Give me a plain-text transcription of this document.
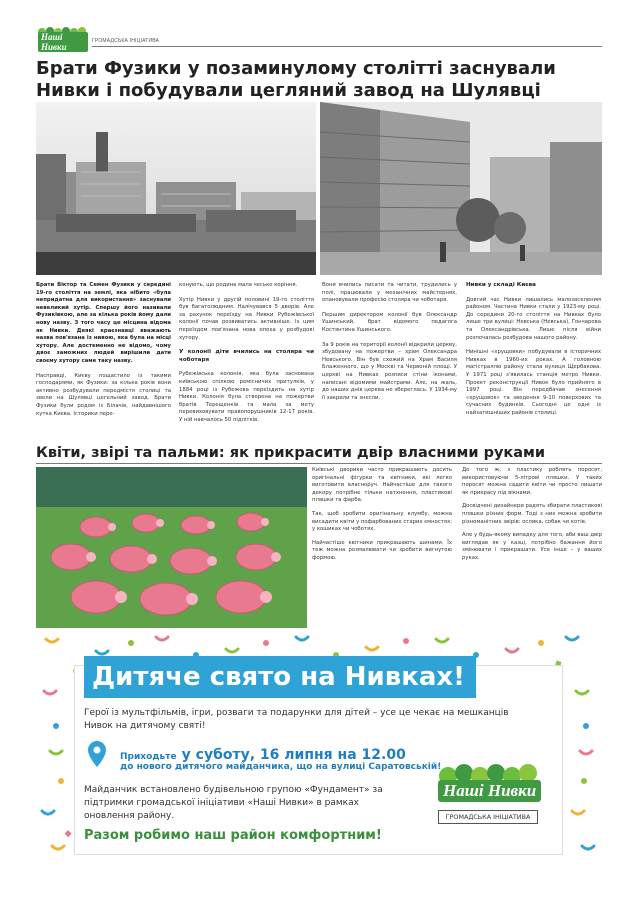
Наші Нивки
ГРОМАДСЬКА ІНІЦІАТИВА
Брати Фузики у позаминулому столітті заснували Нивки і побудували цегляний завод на Шулявці

Брати Віктор та Семен Фузики у середині 19-го століття на землі, яка нібито «була непридатна для використання» заснували невеликий хутір. Спершу його називали Фузиківкою, але за кілька років йому дали нову назву. З того часу це місцина відома як Нивки. Деякі краєзнавці вважають назва пов'язана із нивою, яка була на місці хутору. Але достеменно не відомо, чому двоє заможних людей вирішили дати своєму хутору саме таку назву.

Насправді, Києву пощастило із такими господарями, як Фузики: за кілька років вони активно розбудували передмістя столиці та звели на Шулявці цегельний завод. Брати Фузики були родом із Білачів, найдавнішого кутка Києва. Історики пере-

конують, що родина мала чеське коріння.

Хутір Нивки у другій половині 19-го століття був багатолюдним. Налічувався 5 дворів. Але за рахунок переїзду на Нивки Рубежівської колонії почав розвиватись активніше. Із цим переїздом пов'язана нова епоха у розбудові хутору.

У колонії діти вчились на столяра чи чоботаря

Рубежівська колонія, яка була заснована київською спілкою ремісничих притулків, у 1884 році із Рубежова переїздить на хутір Нивки. Колонія була створена на пожертви братів Терещенків та мала за мету перевиховувати правопорушників 12-17 років. У ній навчалось 50 підлітків.

Вони вчились писати та читати, трудились у полі, працювали у механічних майстернях, опановували професію столяра чи чоботаря.

Першим директором колонії був Олександр Ушинський, брат відомого педагога Костянтина Ушинського.

За 9 років на території колонії відкрили церкву, збудовану на пожертви – храм Олександра Невського. Він був схожий на Храм Василя Блаженного, що у Москві та Червоній площі. У церкві на Нивках розписи стіни іконами, написані відомими майстрами. Але, на жаль, до наших днів церква не збереглась. У 1934-му її закрили та знесли.

Нивки у складі Києва

Довгий час Нивки лишались малозаселеним районом. Частина Нивки стали у 1923-му році. До середини 20-го століття на Нивках було лише три вулиці: Невська (Невська), Гончарова та Олександрівська. Лише після війни розпочалась розбудова нашого району.

Нинішні «хрущовки» побудували в історичних Нивках в 1960-их роках. А головною магістраллю району стала вулиця Щербакова. У 1971 році з'явилась станція метро Нивки. Проект реконструкції Нивок було прийнято в 1997 році. Він передбачав знесення «хрущовок» та зведення 9-10 поверхових та сучасних будинків. Сьогодні це одні із найзатишніших районів столиці.

Квіти, звірі та пальми: як прикрасити двір власними руками

Київські дворики часто прикрашають досить оригінальні фігурки та квітники, які легко виготовити власноруч. Найчастіше для такого декору потрібне тільки натхнення, пластикові пляшки та фарба.

Так, щоб зробити оригінальну клумбу, можна висадити квіти у пофарбованих старих ємностях: у кошиках чи чоботях.

Найчастіше квітники прикрашають шинами. Їх теж можна розмалювати чи зробити вигнутою формою.

До того ж, з пластику роблять поросят, використовуючи 5-літрові пляшки. У таких поросят можна садити квіти чи просто лишати як прикрасу під вікнами.

Досвідчені дизайнери радять збирати пластикові пляшки різних форм. Тоді з них можна зробити різноманітних звірів: ослика, собак чи котів.

Але у будь-якому випадку для того, аби ваш двір виглядав як у казці, потрібно бажання його змінювати і прикрашати. Усе інше – у ваших руках.

Дитяче свято на Нивках!
Герої із мультфільмів, ігри, розваги та подарунки для дітей – усе це чекає на мешканців Нивок на дитячому святі!
Приходьте у суботу, 16 липня на 12.00
до нового дитячого майданчика, що на вулиці Саратовській!
Майданчик встановлено будівельною групою «Фундамент» за підтримки громадської ініціативи «Наші Нивки» в рамках оновлення району.
Разом робимо наш район комфортним!
Наші Нивки
ГРОМАДСЬКА ІНІЦІАТИВА
